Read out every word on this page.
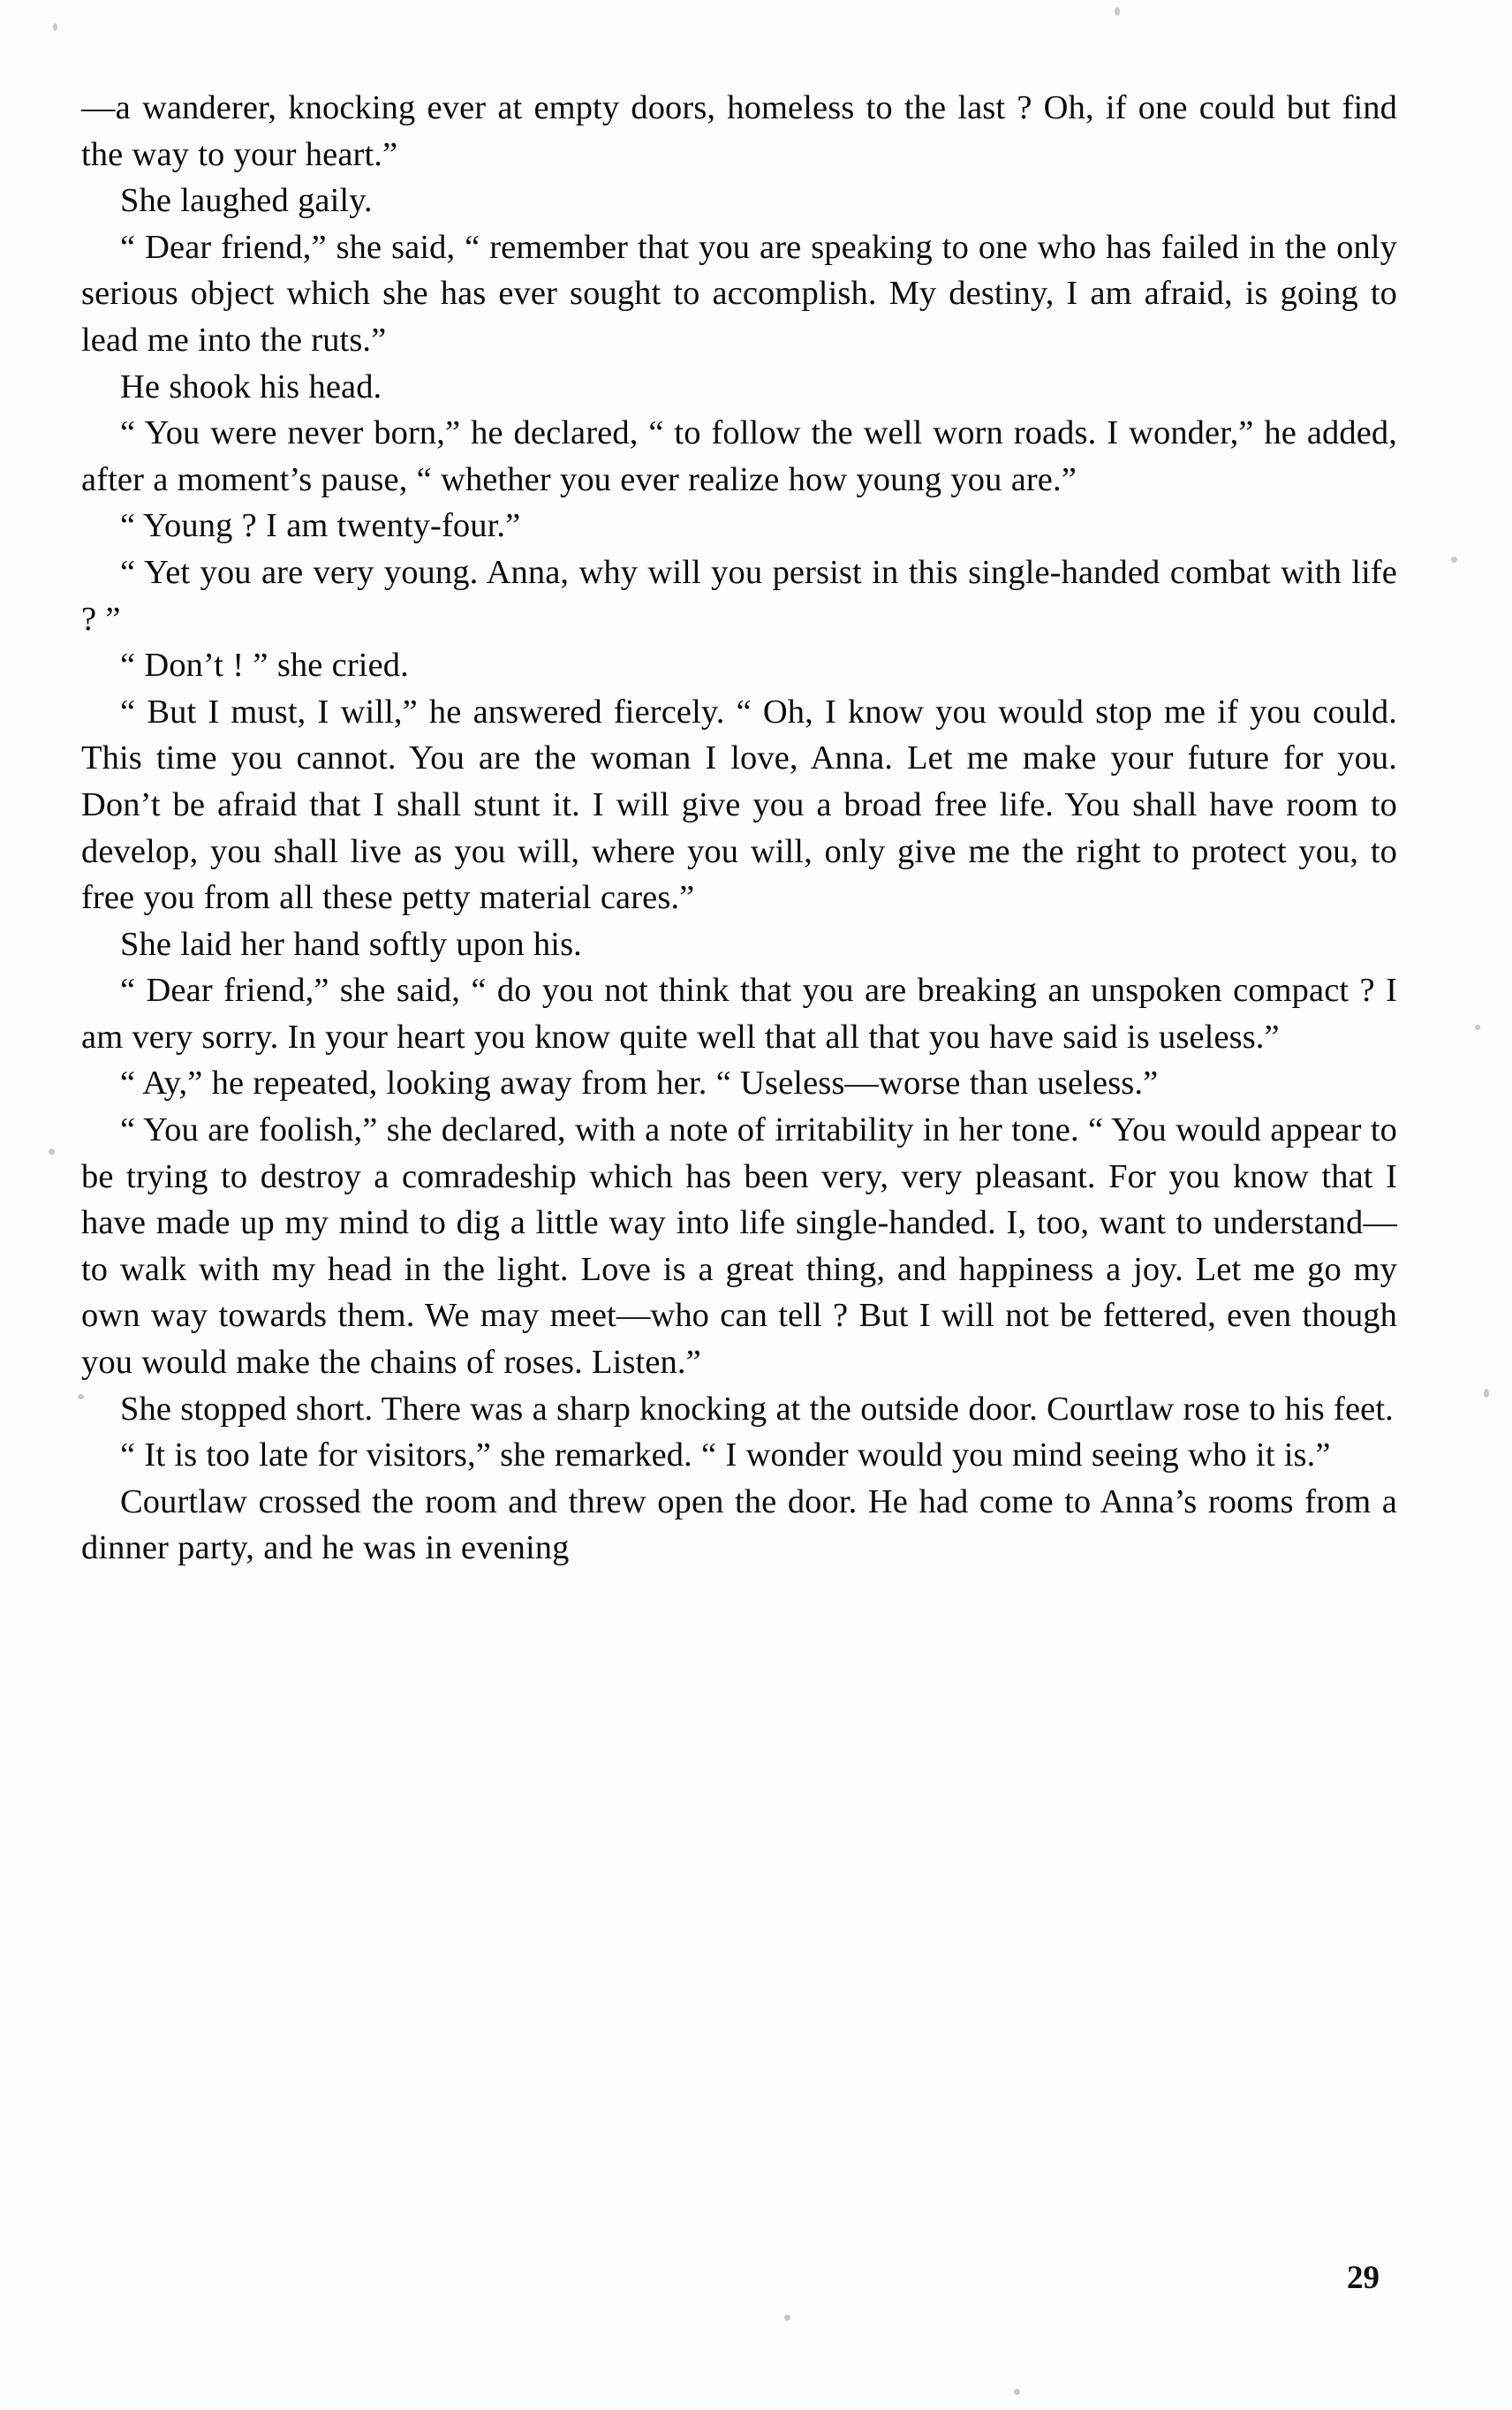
—a wanderer, knocking ever at empty doors, homeless to the last ? Oh, if one could but find the way to your heart.”

She laughed gaily.

“ Dear friend,” she said, “ remember that you are speaking to one who has failed in the only serious object which she has ever sought to accomplish. My destiny, I am afraid, is going to lead me into the ruts.”

He shook his head.

“ You were never born,” he declared, “ to follow the well worn roads. I wonder,” he added, after a moment’s pause, “ whether you ever realize how young you are.”

“ Young ? I am twenty-four.”

“ Yet you are very young. Anna, why will you persist in this single-handed combat with life ? ”

“ Don’t ! ” she cried.

“ But I must, I will,” he answered fiercely. “ Oh, I know you would stop me if you could. This time you cannot. You are the woman I love, Anna. Let me make your future for you. Don’t be afraid that I shall stunt it. I will give you a broad free life. You shall have room to develop, you shall live as you will, where you will, only give me the right to protect you, to free you from all these petty material cares.”

She laid her hand softly upon his.

“ Dear friend,” she said, “ do you not think that you are breaking an unspoken compact ? I am very sorry. In your heart you know quite well that all that you have said is useless.”

“ Ay,” he repeated, looking away from her. “ Useless—worse than useless.”

“ You are foolish,” she declared, with a note of irritability in her tone. “ You would appear to be trying to destroy a comradeship which has been very, very pleasant. For you know that I have made up my mind to dig a little way into life single-handed. I, too, want to understand—to walk with my head in the light. Love is a great thing, and happiness a joy. Let me go my own way towards them. We may meet—who can tell ? But I will not be fettered, even though you would make the chains of roses. Listen.”

She stopped short. There was a sharp knocking at the outside door. Courtlaw rose to his feet.

“ It is too late for visitors,” she remarked. “ I wonder would you mind seeing who it is.”

Courtlaw crossed the room and threw open the door. He had come to Anna’s rooms from a dinner party, and he was in evening

29
